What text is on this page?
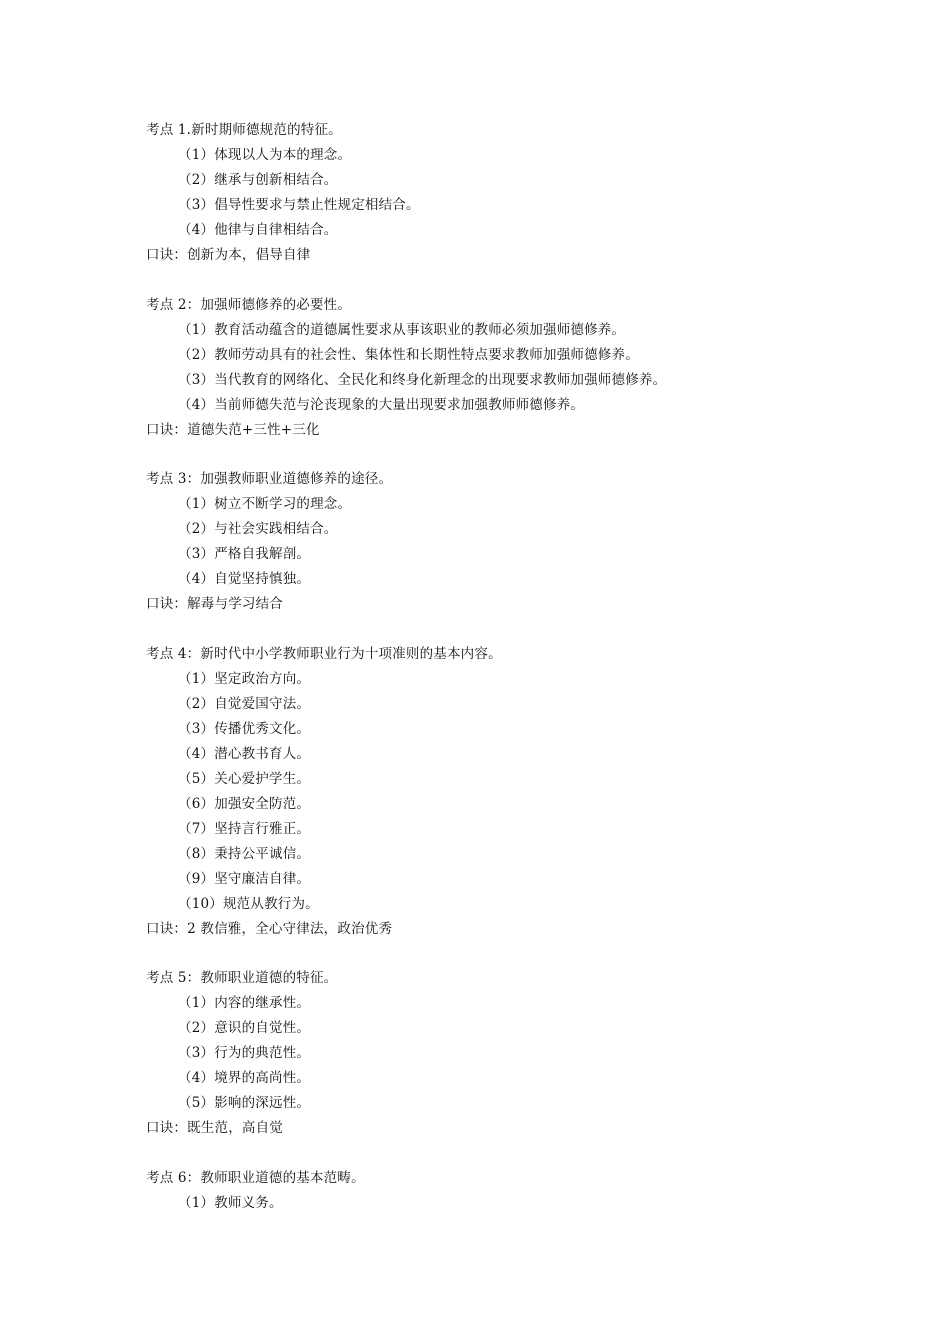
考点 1.新时期师德规范的特征。
（1）体现以人为本的理念。
（2）继承与创新相结合。
（3）倡导性要求与禁止性规定相结合。
（4）他律与自律相结合。
口诀：创新为本，倡导自律
考点 2：加强师德修养的必要性。
（1）教育活动蕴含的道德属性要求从事该职业的教师必须加强师德修养。
（2）教师劳动具有的社会性、集体性和长期性特点要求教师加强师德修养。
（3）当代教育的网络化、全民化和终身化新理念的出现要求教师加强师德修养。
（4）当前师德失范与沦丧现象的大量出现要求加强教师师德修养。
口诀：道德失范+三性+三化
考点 3：加强教师职业道德修养的途径。
（1）树立不断学习的理念。
（2）与社会实践相结合。
（3）严格自我解剖。
（4）自觉坚持慎独。
口诀：解毒与学习结合
考点 4：新时代中小学教师职业行为十项准则的基本内容。
（1）坚定政治方向。
（2）自觉爱国守法。
（3）传播优秀文化。
（4）潜心教书育人。
（5）关心爱护学生。
（6）加强安全防范。
（7）坚持言行雅正。
（8）秉持公平诚信。
（9）坚守廉洁自律。
（10）规范从教行为。
口诀：2 教信雅，全心守律法，政治优秀
考点 5：教师职业道德的特征。
（1）内容的继承性。
（2）意识的自觉性。
（3）行为的典范性。
（4）境界的高尚性。
（5）影响的深远性。
口诀：既生范，高自觉
考点 6：教师职业道德的基本范畴。
（1）教师义务。
